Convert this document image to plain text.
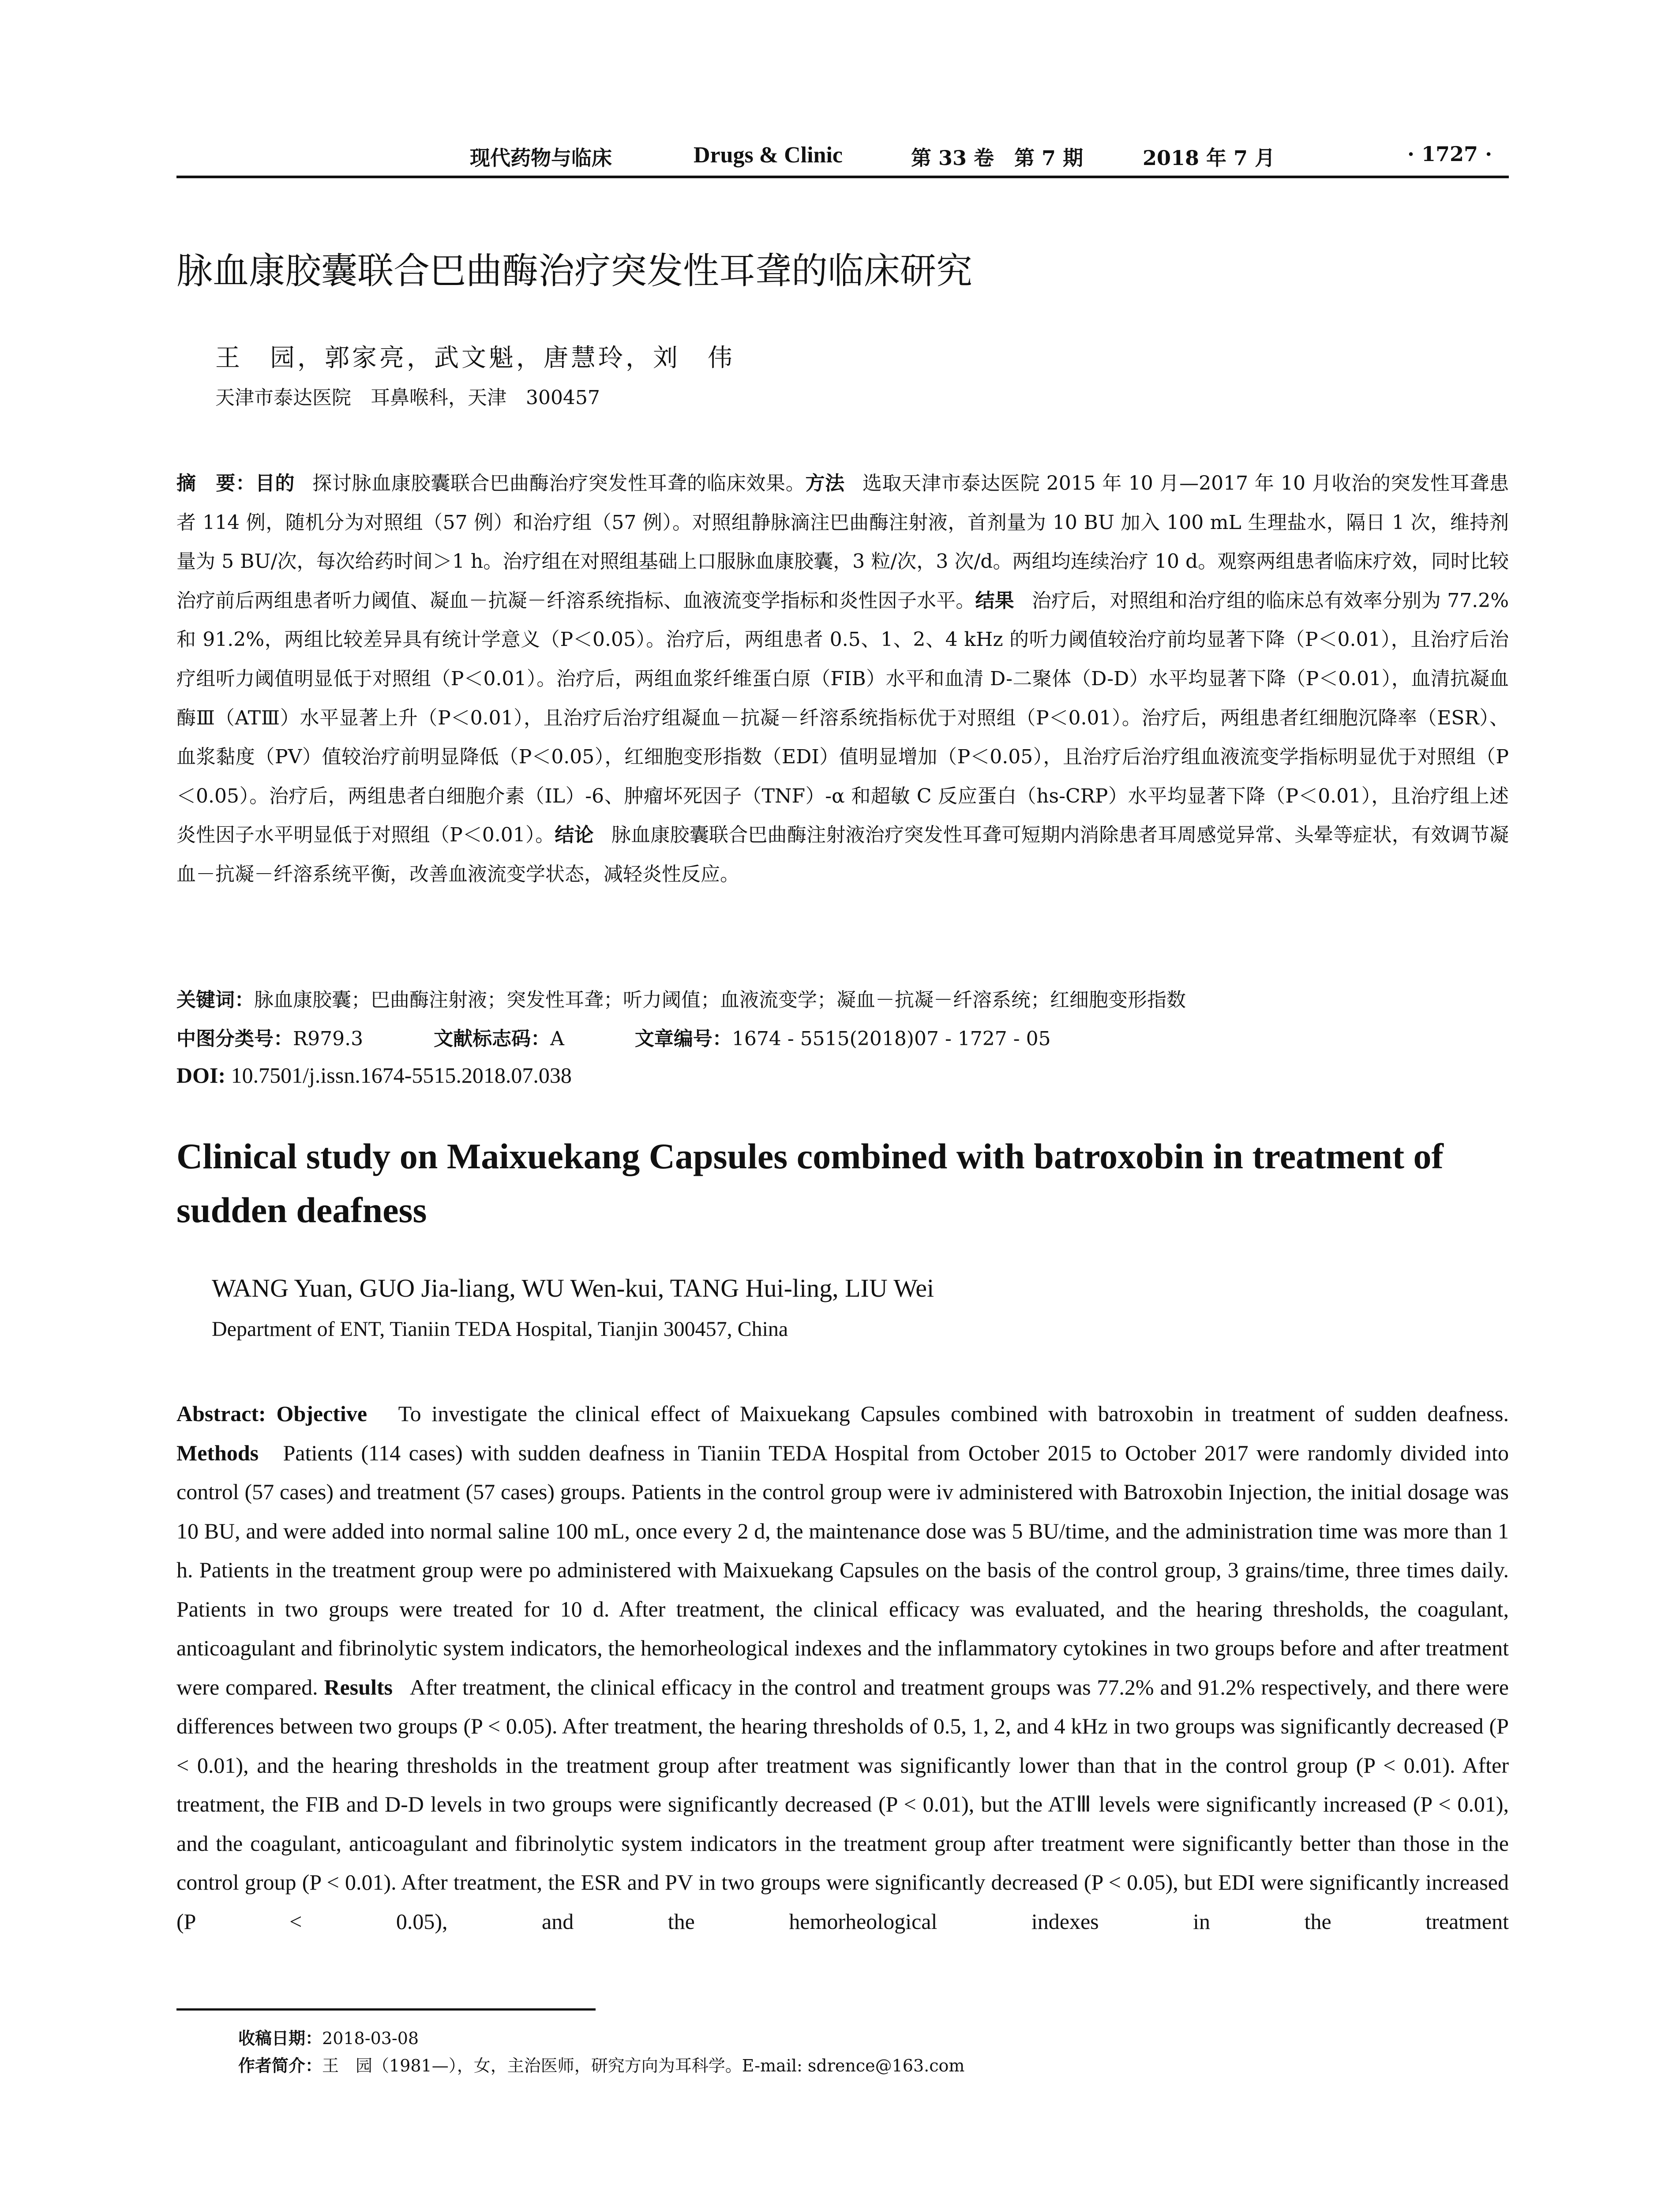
现代药物与临床	Drugs & Clinic	第 33 卷　第 7 期	2018 年 7 月	· 1727 ·
脉血康胶囊联合巴曲酶治疗突发性耳聋的临床研究
王　园，郭家亮，武文魁，唐慧玲，刘　伟
天津市泰达医院　耳鼻喉科，天津　300457
摘　要：目的 探讨脉血康胶囊联合巴曲酶治疗突发性耳聋的临床效果。方法 选取天津市泰达医院 2015 年 10 月—2017 年 10 月收治的突发性耳聋患者 114 例，随机分为对照组（57 例）和治疗组（57 例）。对照组静脉滴注巴曲酶注射液，首剂量为 10 BU 加入 100 mL 生理盐水，隔日 1 次，维持剂量为 5 BU/次，每次给药时间＞1 h。治疗组在对照组基础上口服脉血康胶囊，3 粒/次，3 次/d。两组均连续治疗 10 d。观察两组患者临床疗效，同时比较治疗前后两组患者听力阈值、凝血－抗凝－纤溶系统指标、血液流变学指标和炎性因子水平。结果 治疗后，对照组和治疗组的临床总有效率分别为 77.2%和 91.2%，两组比较差异具有统计学意义（P＜0.05）。治疗后，两组患者 0.5、1、2、4 kHz 的听力阈值较治疗前均显著下降（P＜0.01），且治疗后治疗组听力阈值明显低于对照组（P＜0.01）。治疗后，两组血浆纤维蛋白原（FIB）水平和血清 D-二聚体（D-D）水平均显著下降（P＜0.01），血清抗凝血酶Ⅲ（ATⅢ）水平显著上升（P＜0.01），且治疗后治疗组凝血－抗凝－纤溶系统指标优于对照组（P＜0.01）。治疗后，两组患者红细胞沉降率（ESR）、血浆黏度（PV）值较治疗前明显降低（P＜0.05），红细胞变形指数（EDI）值明显增加（P＜0.05），且治疗后治疗组血液流变学指标明显优于对照组（P＜0.05）。治疗后，两组患者白细胞介素（IL）-6、肿瘤坏死因子（TNF）-α 和超敏 C 反应蛋白（hs-CRP）水平均显著下降（P＜0.01），且治疗组上述炎性因子水平明显低于对照组（P＜0.01）。结论 脉血康胶囊联合巴曲酶注射液治疗突发性耳聋可短期内消除患者耳周感觉异常、头晕等症状，有效调节凝血－抗凝－纤溶系统平衡，改善血液流变学状态，减轻炎性反应。
关键词：脉血康胶囊；巴曲酶注射液；突发性耳聋；听力阈值；血液流变学；凝血－抗凝－纤溶系统；红细胞变形指数
中图分类号：R979.3	文献标志码：A	文章编号：1674 - 5515(2018)07 - 1727 - 05
DOI: 10.7501/j.issn.1674-5515.2018.07.038
Clinical study on Maixuekang Capsules combined with batroxobin in treatment of sudden deafness
WANG Yuan, GUO Jia-liang, WU Wen-kui, TANG Hui-ling, LIU Wei
Department of ENT, Tianiin TEDA Hospital, Tianjin 300457, China
Abstract: Objective To investigate the clinical effect of Maixuekang Capsules combined with batroxobin in treatment of sudden deafness. Methods Patients (114 cases) with sudden deafness in Tianiin TEDA Hospital from October 2015 to October 2017 were randomly divided into control (57 cases) and treatment (57 cases) groups. Patients in the control group were iv administered with Batroxobin Injection, the initial dosage was 10 BU, and were added into normal saline 100 mL, once every 2 d, the maintenance dose was 5 BU/time, and the administration time was more than 1 h. Patients in the treatment group were po administered with Maixuekang Capsules on the basis of the control group, 3 grains/time, three times daily. Patients in two groups were treated for 10 d. After treatment, the clinical efficacy was evaluated, and the hearing thresholds, the coagulant, anticoagulant and fibrinolytic system indicators, the hemorheological indexes and the inflammatory cytokines in two groups before and after treatment were compared. Results After treatment, the clinical efficacy in the control and treatment groups was 77.2% and 91.2% respectively, and there were differences between two groups (P < 0.05). After treatment, the hearing thresholds of 0.5, 1, 2, and 4 kHz in two groups was significantly decreased (P < 0.01), and the hearing thresholds in the treatment group after treatment was significantly lower than that in the control group (P < 0.01). After treatment, the FIB and D-D levels in two groups were significantly decreased (P < 0.01), but the ATⅢ levels were significantly increased (P < 0.01), and the coagulant, anticoagulant and fibrinolytic system indicators in the treatment group after treatment were significantly better than those in the control group (P < 0.01). After treatment, the ESR and PV in two groups were significantly decreased (P < 0.05), but EDI were significantly increased (P < 0.05), and the hemorheological indexes in the treatment
收稿日期：2018-03-08
作者简介：王　园（1981—），女，主治医师，研究方向为耳科学。E-mail: sdrence@163.com
